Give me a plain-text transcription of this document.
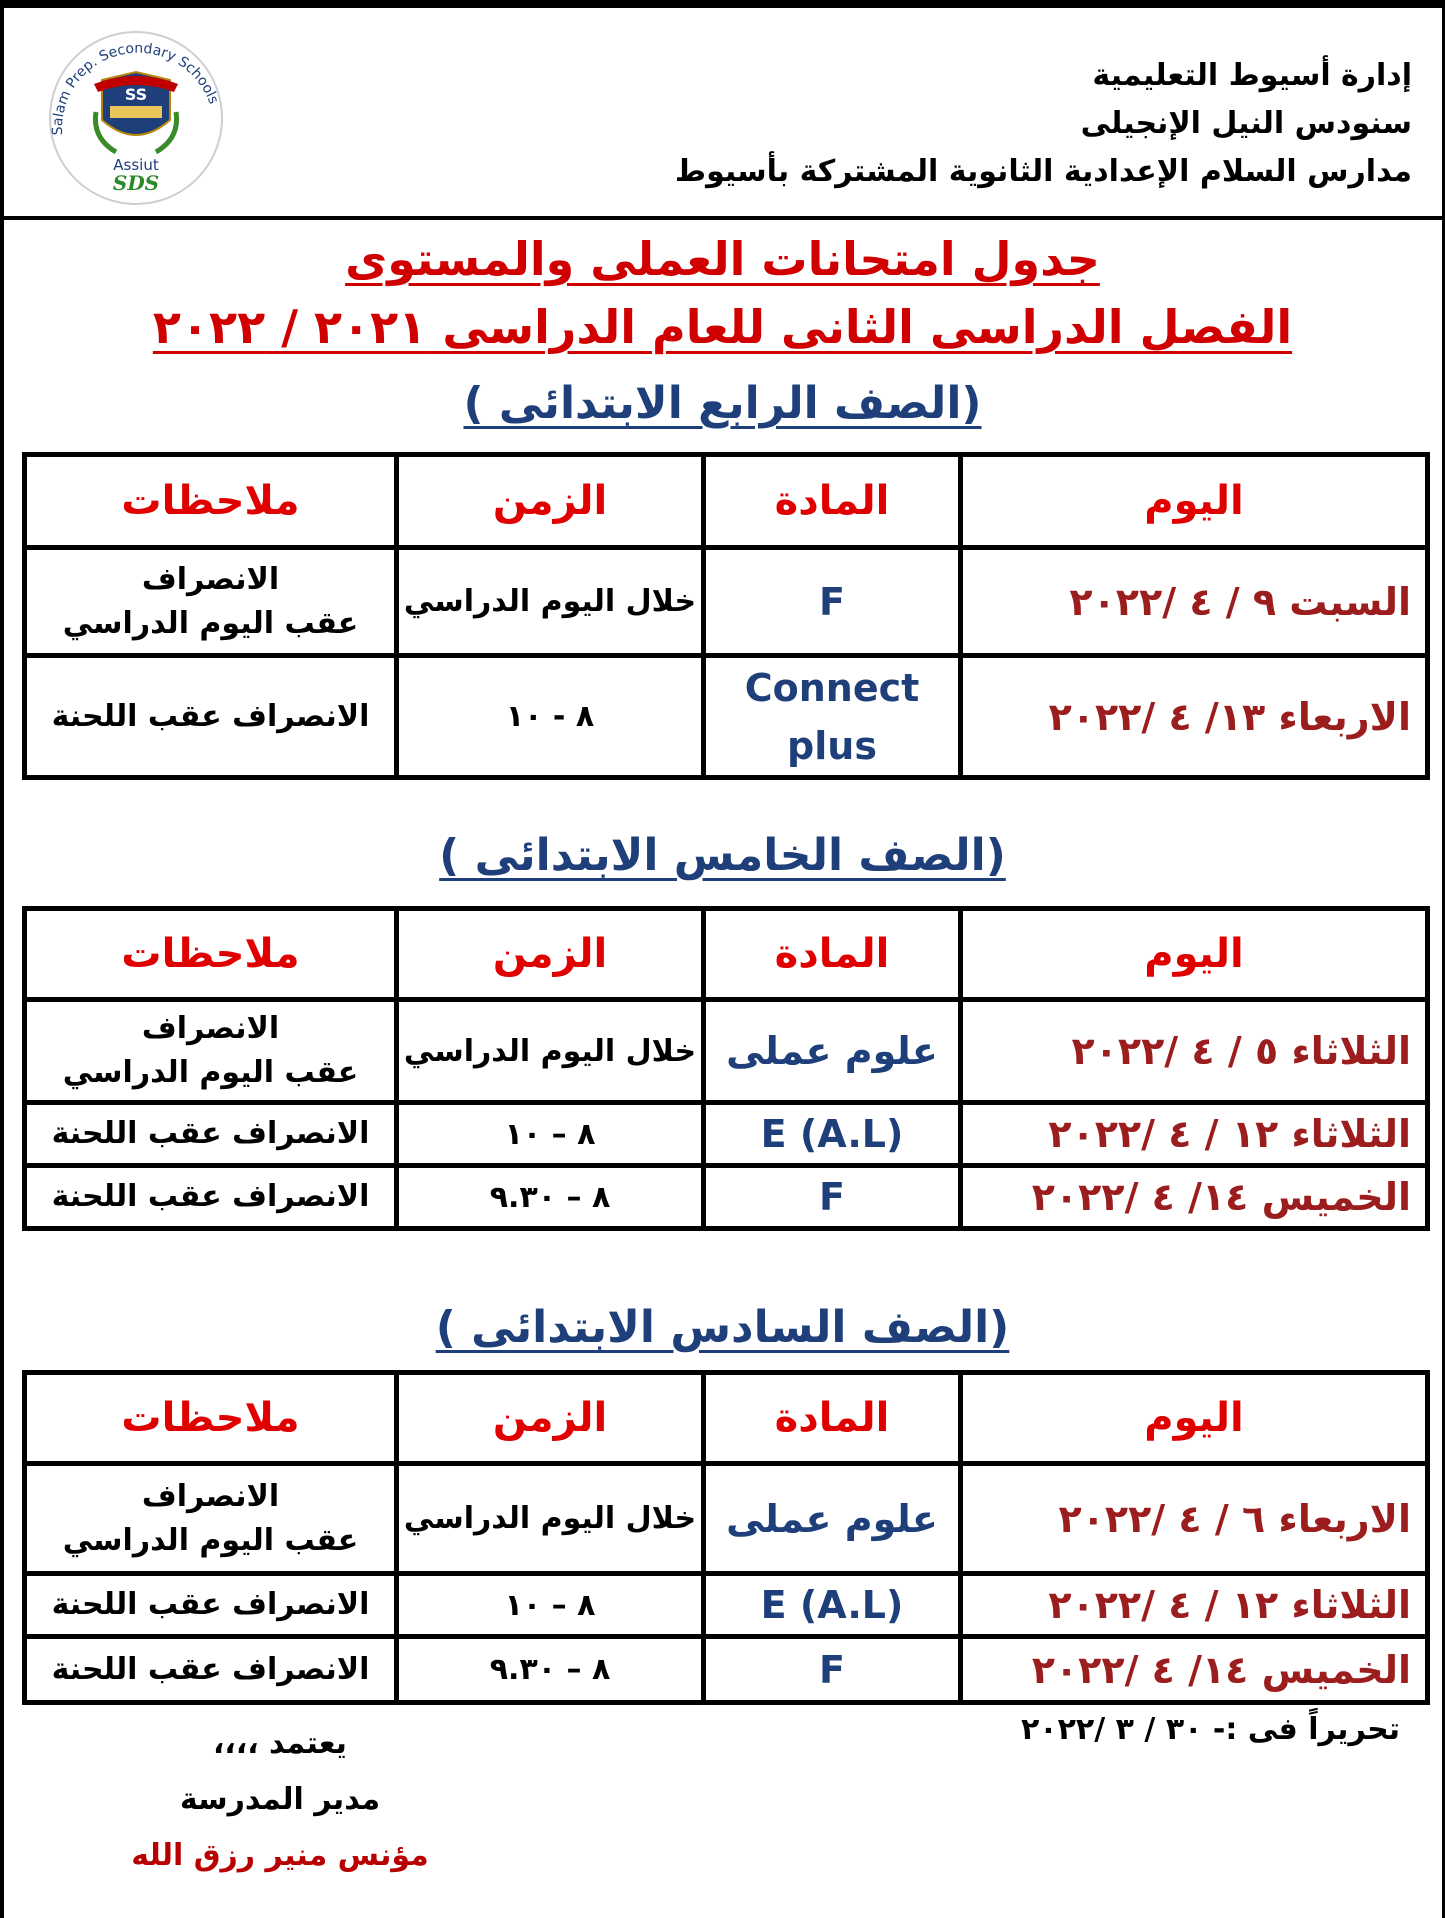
Salam Prep. Secondary Schools
SS
Assiut
SDS
إدارة أسيوط التعليمية
سنودس النيل الإنجيلى
مدارس السلام الإعدادية الثانوية المشتركة بأسيوط
جدول امتحانات العملى والمستوى
الفصل الدراسى الثانى للعام الدراسى ٢٠٢١ / ٢٠٢٢
(الصف الرابع الابتدائى )
اليوم	المادة	الزمن	ملاحظات
السبت ٩ / ٤ /٢٠٢٢	F	خلال اليوم الدراسي	الانصراف
عقب اليوم الدراسي

الاربعاء ١٣/ ٤ /٢٠٢٢	Connect plus	٨ - ١٠	الانصراف عقب اللحنة
(الصف الخامس الابتدائى )
اليوم	المادة	الزمن	ملاحظات
الثلاثاء ٥ / ٤ /٢٠٢٢	علوم عملى	خلال اليوم الدراسي	الانصراف
عقب اليوم الدراسي

الثلاثاء ١٢ / ٤ /٢٠٢٢	E (A.L)	٨ – ١٠	الانصراف عقب اللحنة

الخميس ١٤/ ٤ /٢٠٢٢	F	٨ – ٩.٣٠	الانصراف عقب اللحنة
(الصف السادس الابتدائى )
اليوم	المادة	الزمن	ملاحظات
الاربعاء ٦ / ٤ /٢٠٢٢	علوم عملى	خلال اليوم الدراسي	الانصراف
عقب اليوم الدراسي

الثلاثاء ١٢ / ٤ /٢٠٢٢	E (A.L)	٨ – ١٠	الانصراف عقب اللحنة

الخميس ١٤/ ٤ /٢٠٢٢	F	٨ – ٩.٣٠	الانصراف عقب اللحنة
تحريراً فى :- ٣٠ / ٣ /٢٠٢٢
يعتمد ،،،،
مدير المدرسة
مؤنس منير رزق الله
